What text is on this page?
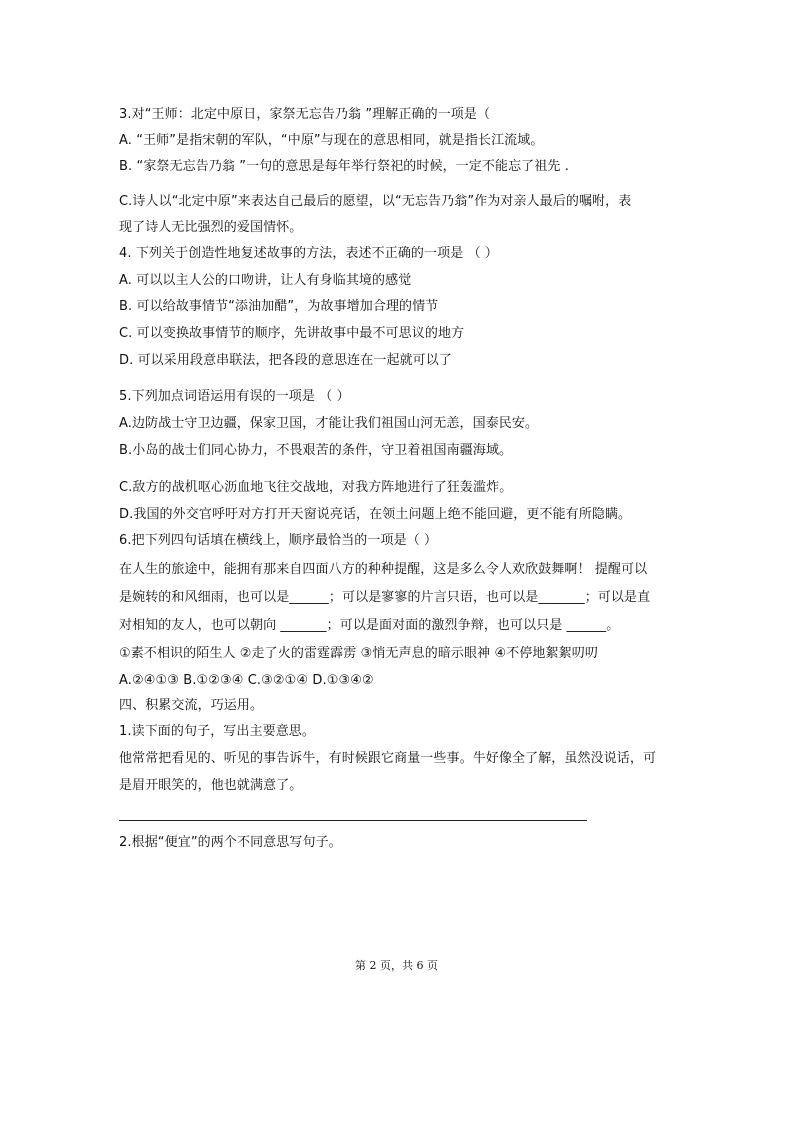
3.对“王师：北定中原日，家祭无忘告乃翁 ”理解正确的一项是（

A. “王师”是指宋朝的军队，“中原”与现在的意思相同，就是指长江流域。

B. “家祭无忘告乃翁 ”一句的意思是每年举行祭祀的时候，一定不能忘了祖先 .

C.诗人以“北定中原”来表达自己最后的愿望，以“无忘告乃翁”作为对亲人最后的嘱咐，表

现了诗人无比强烈的爱国情怀。

4. 下列关于创造性地复述故事的方法，表述不正确的一项是 （ ）

A. 可以以主人公的口吻讲，让人有身临其境的感觉

B. 可以给故事情节“添油加醋”，为故事增加合理的情节

C. 可以变换故事情节的顺序，先讲故事中最不可思议的地方

D. 可以采用段意串联法，把各段的意思连在一起就可以了

5.下列加点词语运用有误的一项是 （ ）

A.边防战士守卫边疆，保家卫国，才能让我们祖国山河无恙，国泰民安。

B.小岛的战士们同心协力，不畏艰苦的条件，守卫着祖国南疆海域。

C.敌方的战机呕心沥血地飞往交战地，对我方阵地进行了狂轰滥炸。

D.我国的外交官呼吁对方打开天窗说亮话，在领土问题上绝不能回避，更不能有所隐瞒。

6.把下列四句话填在横线上，顺序最恰当的一项是（ ）

在人生的旅途中，能拥有那来自四面八方的种种提醒，这是多么令人欢欣鼓舞啊！ 提醒可以

是婉转的和风细雨，也可以是______；可以是寥寥的片言只语，也可以是_______；可以是直

对相知的友人，也可以朝向 _______；可以是面对面的激烈争辩，也可以只是 ______。

①素不相识的陌生人 ②走了火的雷霆霹雳 ③悄无声息的暗示眼神 ④不停地絮絮叨叨

A.②④①③ B.①②③④ C.③②①④ D.①③④②

四、积累交流，巧运用。

1.读下面的句子，写出主要意思。

他常常把看见的、听见的事告诉牛，有时候跟它商量一些事。牛好像全了解，虽然没说话，可

是眉开眼笑的，他也就满意了。

2.根据“便宜”的两个不同意思写句子。

第 2 页，共 6 页
